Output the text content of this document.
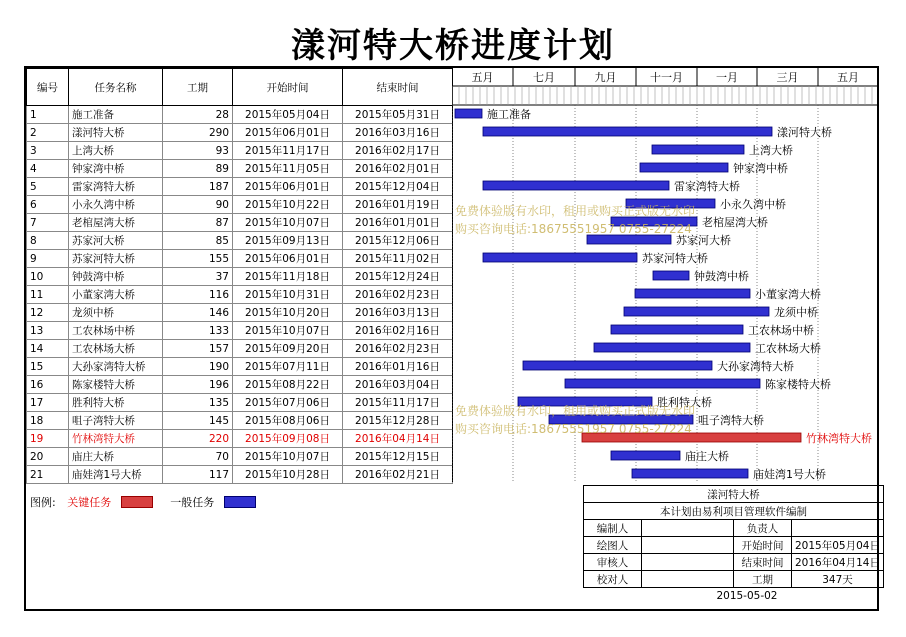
漾河特大桥进度计划
编号	任务名称	工期	开始时间	结束时间
1	施工准备	28	2015年05月04日	2015年05月31日
2	漾河特大桥	290	2015年06月01日	2016年03月16日
3	上湾大桥	93	2015年11月17日	2016年02月17日
4	钟家湾中桥	89	2015年11月05日	2016年02月01日
5	雷家湾特大桥	187	2015年06月01日	2015年12月04日
6	小永久湾中桥	90	2015年10月22日	2016年01月19日
7	老棺屋湾大桥	87	2015年10月07日	2016年01月01日
8	苏家河大桥	85	2015年09月13日	2015年12月06日
9	苏家河特大桥	155	2015年06月01日	2015年11月02日
10	钟鼓湾中桥	37	2015年11月18日	2015年12月24日
11	小董家湾大桥	116	2015年10月31日	2016年02月23日
12	龙须中桥	146	2015年10月20日	2016年03月13日
13	工农林场中桥	133	2015年10月07日	2016年02月16日
14	工农林场大桥	157	2015年09月20日	2016年02月23日
15	大孙家湾特大桥	190	2015年07月11日	2016年01月16日
16	陈家楼特大桥	196	2015年08月22日	2016年03月04日
17	胜利特大桥	135	2015年07月06日	2015年11月17日
18	咀子湾特大桥	145	2015年08月06日	2015年12月28日
19	竹林湾特大桥	220	2015年09月08日	2016年04月14日
20	庙庄大桥	70	2015年10月07日	2015年12月15日
21	庙娃湾1号大桥	117	2015年10月28日	2016年02月21日
五月	七月	九月	十一月	一月	三月	五月
施工准备
漾河特大桥
上湾大桥
钟家湾中桥
雷家湾特大桥
小永久湾中桥
老棺屋湾大桥
苏家河大桥
苏家河特大桥
钟鼓湾中桥
小董家湾大桥
龙须中桥
工农林场中桥
工农林场大桥
大孙家湾特大桥
陈家楼特大桥
胜利特大桥
咀子湾特大桥
竹林湾特大桥
庙庄大桥
庙娃湾1号大桥
免费体验版有水印，租用或购买正式版无水印
购买咨询电话:18675551957 0755-27224
免费体验版有水印，租用或购买正式版无水印
购买咨询电话:18675551957 0755-27224
图例: 关键任务	一般任务
漾河特大桥			
本计划由易利项目管理软件编制			
编制人		负责人	
绘图人		开始时间	2015年05月04日
审核人		结束时间	2016年04月14日
校对人		工期	347天
2015-05-02			
